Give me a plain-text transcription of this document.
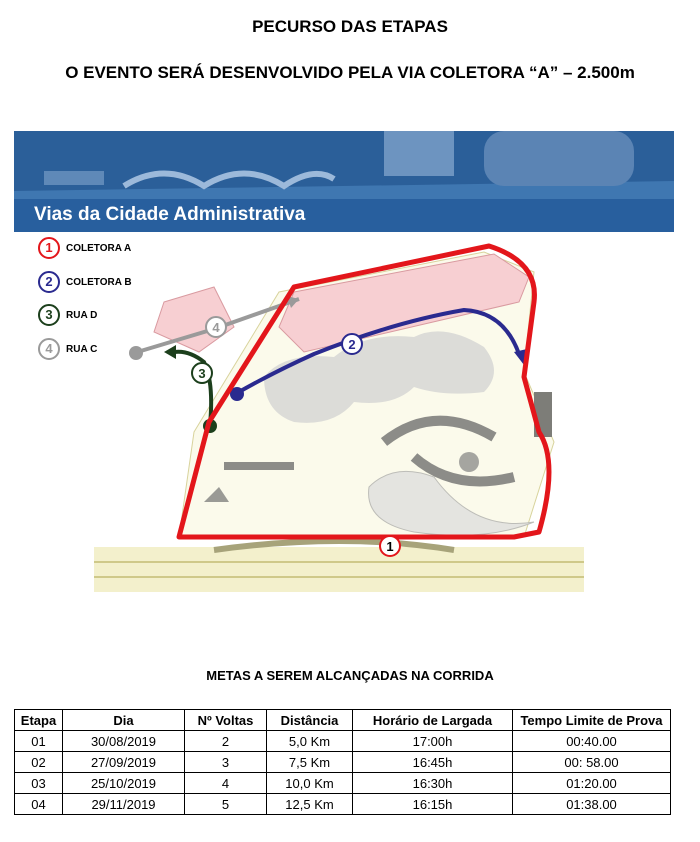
PECURSO DAS ETAPAS
O EVENTO SERÁ DESENVOLVIDO PELA VIA COLETORA “A” – 2.500m
Vias da Cidade Administrativa
1
2
3
4
1 COLETORA A
2 COLETORA B
3 RUA D
4 RUA C
METAS A SEREM ALCANÇADAS NA CORRIDA
Etapa	Dia	Nº Voltas	Distância	Horário de Largada	Tempo Limite de Prova
01	30/08/2019	2	5,0 Km	17:00h	00:40.00
02	27/09/2019	3	7,5 Km	16:45h	00: 58.00
03	25/10/2019	4	10,0 Km	16:30h	01:20.00
04	29/11/2019	5	12,5 Km	16:15h	01:38.00
